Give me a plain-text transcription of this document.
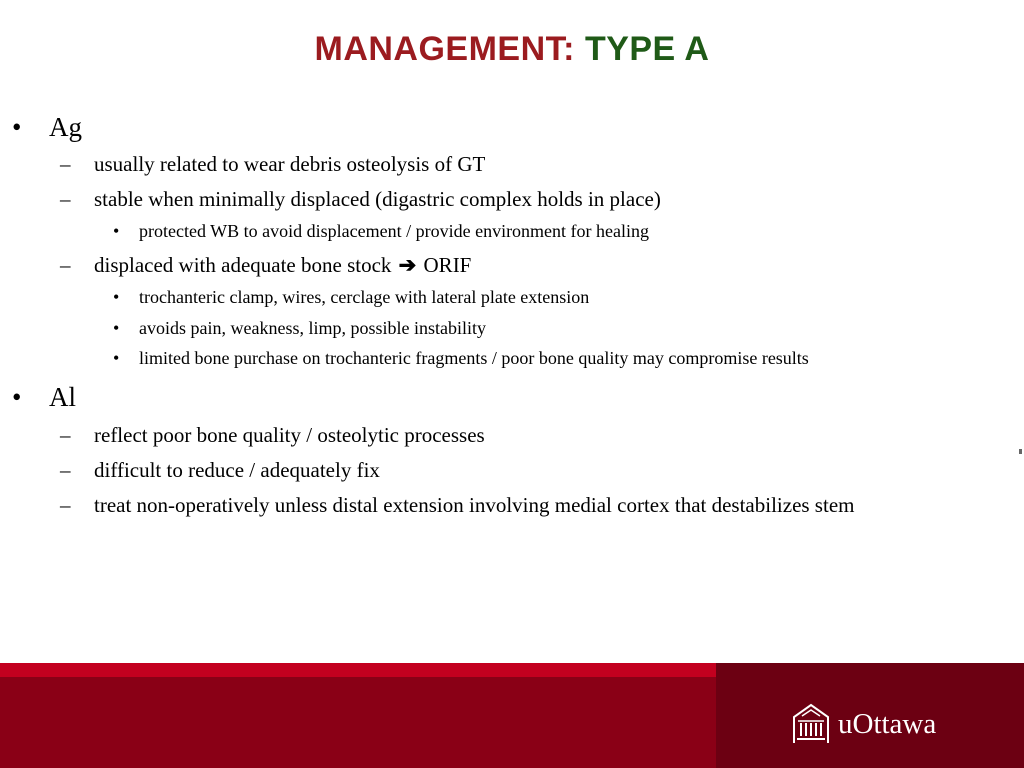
MANAGEMENT: TYPE A
• Ag
– usually related to wear debris osteolysis of GT
– stable when minimally displaced (digastric complex holds in place)
• protected WB to avoid displacement / provide environment for healing
– displaced with adequate bone stock ➔ ORIF
• trochanteric clamp, wires, cerclage with lateral plate extension
• avoids pain, weakness, limp, possible instability
• limited bone purchase on trochanteric fragments / poor bone quality may compromise results
• Al
– reflect poor bone quality / osteolytic processes
– difficult to reduce / adequately fix
– treat non-operatively unless distal extension involving medial cortex that destabilizes stem
uOttawa
